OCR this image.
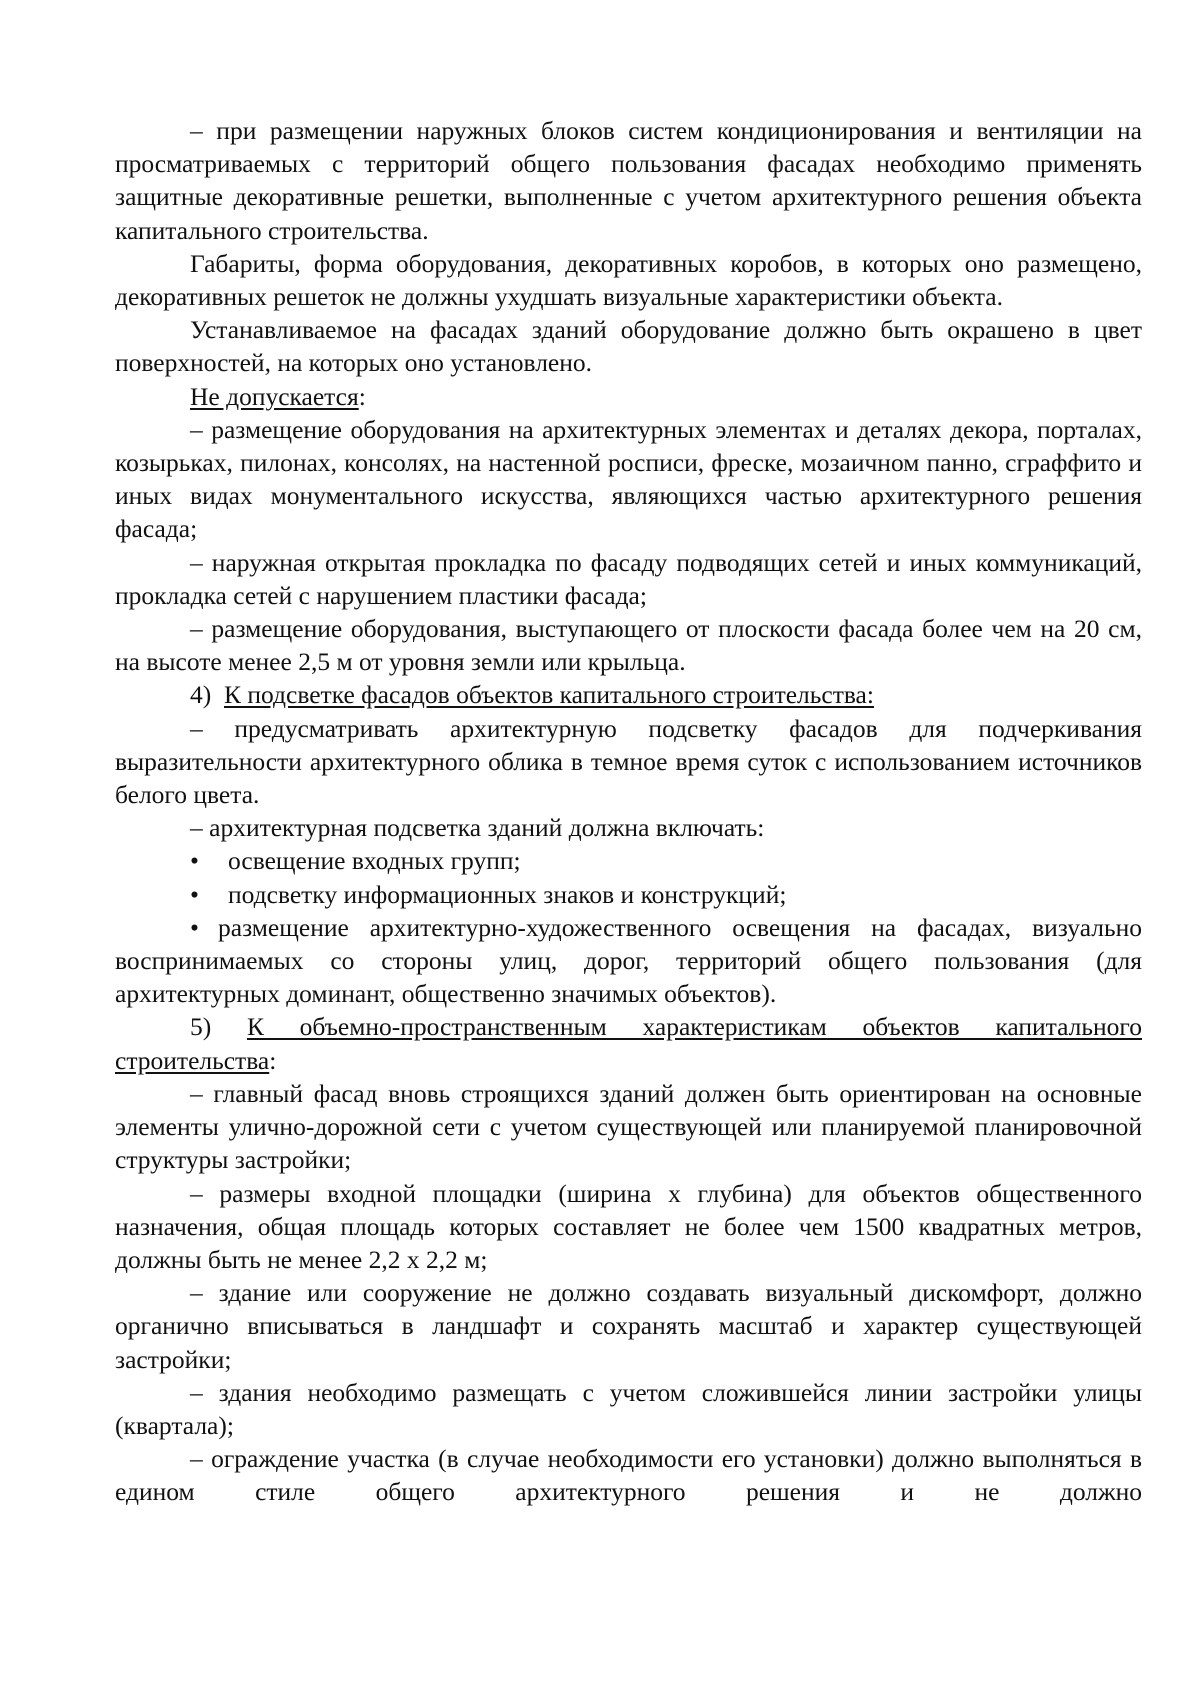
– при размещении наружных блоков систем кондиционирования и вентиляции на просматриваемых с территорий общего пользования фасадах необходимо применять защитные декоративные решетки, выполненные с учетом архитектурного решения объекта капитального строительства.

Габариты, форма оборудования, декоративных коробов, в которых оно размещено, декоративных решеток не должны ухудшать визуальные характеристики объекта.

Устанавливаемое на фасадах зданий оборудование должно быть окрашено в цвет поверхностей, на которых оно установлено.

Не допускается:

– размещение оборудования на архитектурных элементах и деталях декора, порталах, козырьках, пилонах, консолях, на настенной росписи, фреске, мозаичном панно, сграффито и иных видах монументального искусства, являющихся частью архитектурного решения фасада;

– наружная открытая прокладка по фасаду подводящих сетей и иных коммуникаций, прокладка сетей с нарушением пластики фасада;

– размещение оборудования, выступающего от плоскости фасада более чем на 20 см, на высоте менее 2,5 м от уровня земли или крыльца.

4) К подсветке фасадов объектов капитального строительства:

– предусматривать архитектурную подсветку фасадов для подчеркивания выразительности архитектурного облика в темное время суток с использованием источников белого цвета.

– архитектурная подсветка зданий должна включать:

• освещение входных групп;

• подсветку информационных знаков и конструкций;

• размещение архитектурно-художественного освещения на фасадах, визуально воспринимаемых со стороны улиц, дорог, территорий общего пользования (для архитектурных доминант, общественно значимых объектов).

5) К объемно-пространственным характеристикам объектов капитального строительства:

– главный фасад вновь строящихся зданий должен быть ориентирован на основные элементы улично-дорожной сети с учетом существующей или планируемой планировочной структуры застройки;

– размеры входной площадки (ширина х глубина) для объектов общественного назначения, общая площадь которых составляет не более чем 1500 квадратных метров, должны быть не менее 2,2 х 2,2 м;

– здание или сооружение не должно создавать визуальный дискомфорт, должно органично вписываться в ландшафт и сохранять масштаб и характер существующей застройки;

– здания необходимо размещать с учетом сложившейся линии застройки улицы (квартала);

– ограждение участка (в случае необходимости его установки) должно выполняться в едином стиле общего архитектурного решения и не должно
